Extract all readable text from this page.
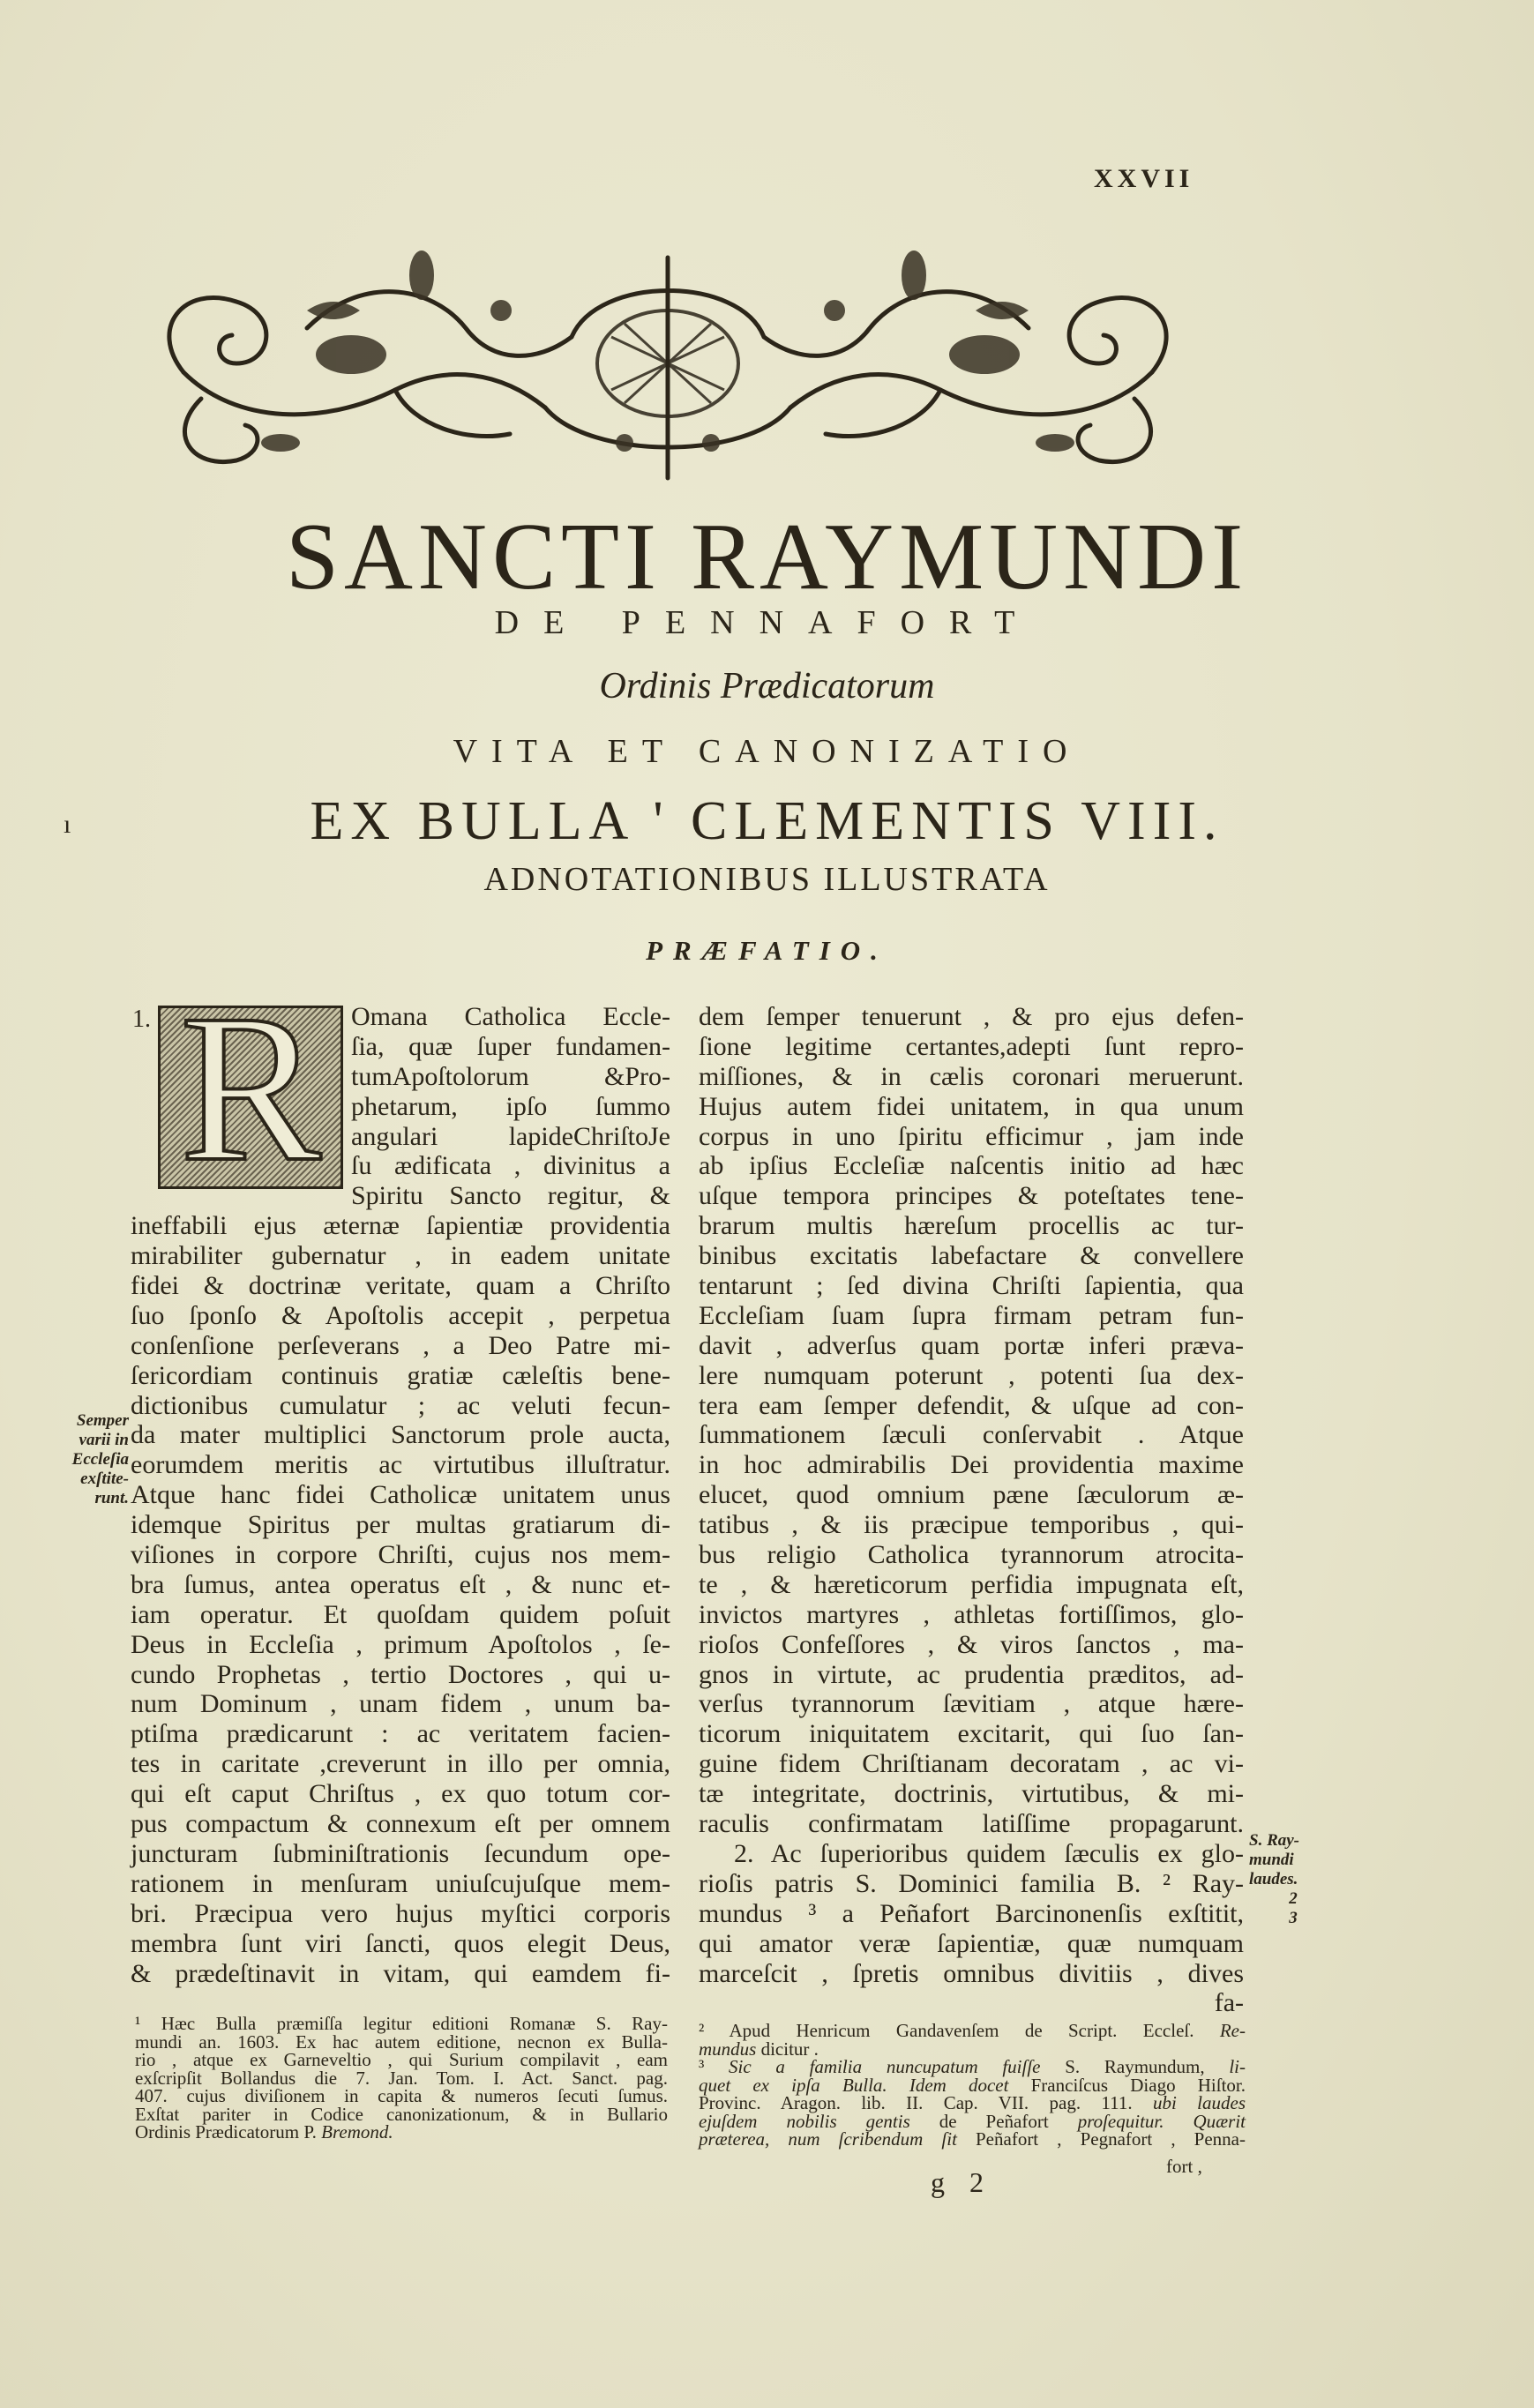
XXVII
SANCTI RAYMUNDI
DE PENNAFORT
Ordinis Prædicatorum
VITA ET CANONIZATIO
EX BULLA ' CLEMENTIS VIII.
ADNOTATIONIBUS ILLUSTRATA
PRÆFATIO.
ı
1. R Omana Catholica Eccle-
ſia, quæ ſuper fundamen-
tumApoſtolorum &Pro-
phetarum, ipſo ſummo
angulari lapideChriſtoJe
ſu ædificata , divinitus a
Spiritu Sancto regitur, &
ineffabili ejus æternæ ſapientiæ providentia
mirabiliter gubernatur , in eadem unitate
fidei & doctrinæ veritate, quam a Chriſto
ſuo ſponſo & Apoſtolis accepit , perpetua
conſenſione perſeverans , a Deo Patre mi-
ſericordiam continuis gratiæ cæleſtis bene-
dictionibus cumulatur ; ac veluti fecun-
da mater multiplici Sanctorum prole aucta,
eorumdem meritis ac virtutibus illuſtratur.
Atque hanc fidei Catholicæ unitatem unus
idemque Spiritus per multas gratiarum di-
viſiones in corpore Chriſti, cujus nos mem-
bra ſumus, antea operatus eſt , & nunc et-
iam operatur. Et quoſdam quidem poſuit
Deus in Eccleſia , primum Apoſtolos , ſe-
cundo Prophetas , tertio Doctores , qui u-
num Dominum , unam fidem , unum ba-
ptiſma prædicarunt : ac veritatem facien-
tes in caritate ,creverunt in illo per omnia,
qui eſt caput Chriſtus , ex quo totum cor-
pus compactum & connexum eſt per omnem
juncturam ſubminiſtrationis ſecundum ope-
rationem in menſuram uniuſcujuſque mem-
bri. Præcipua vero hujus myſtici corporis
membra ſunt viri ſancti, quos elegit Deus,
& prædeſtinavit in vitam, qui eamdem fi-
dem ſemper tenuerunt , & pro ejus defen-
ſione legitime certantes,adepti ſunt repro-
miſſiones, & in cælis coronari meruerunt.
Hujus autem fidei unitatem, in qua unum
corpus in uno ſpiritu efficimur , jam inde
ab ipſius Eccleſiæ naſcentis initio ad hæc
uſque tempora principes & poteſtates tene-
brarum multis hæreſum procellis ac tur-
binibus excitatis labefactare & convellere
tentarunt ; ſed divina Chriſti ſapientia, qua
Eccleſiam ſuam ſupra firmam petram fun-
davit , adverſus quam portæ inferi præva-
lere numquam poterunt , potenti ſua dex-
tera eam ſemper defendit, & uſque ad con-
ſummationem ſæculi conſervabit . Atque
in hoc admirabilis Dei providentia maxime
elucet, quod omnium pæne ſæculorum æ-
tatibus , & iis præcipue temporibus , qui-
bus religio Catholica tyrannorum atrocita-
te , & hæreticorum perfidia impugnata eſt,
invictos martyres , athletas fortiſſimos, glo-
rioſos Confeſſores , & viros ſanctos , ma-
gnos in virtute, ac prudentia præditos, ad-
verſus tyrannorum ſævitiam , atque hære-
ticorum iniquitatem excitarit, qui ſuo ſan-
guine fidem Chriſtianam decoratam , ac vi-
tæ integritate, doctrinis, virtutibus, & mi-
raculis confirmatam latiſſime propagarunt.
2. Ac ſuperioribus quidem ſæculis ex glo-
rioſis patris S. Dominici familia B. ² Ray-
mundus ³ a Peñafort Barcinonenſis exſtitit,
qui amator veræ ſapientiæ, quæ numquam
marceſcit , ſpretis omnibus divitiis , dives
fa-
Semper
varii in
Eccleſia
exſtite-
runt.
S. Ray-
mundi
laudes.
2
3
¹ Hæc Bulla præmiſſa legitur editioni Romanæ S. Ray-
mundi an. 1603. Ex hac autem editione, necnon ex Bulla-
rio , atque ex Garneveltio , qui Surium compilavit , eam
exſcripſit Bollandus die 7. Jan. Tom. I. Act. Sanct. pag.
407. cujus diviſionem in capita & numeros ſecuti ſumus.
Exſtat pariter in Codice canonizationum, & in Bullario
Ordinis Prædicatorum P. Bremond.
² Apud Henricum Gandavenſem de Script. Eccleſ. Re-
mundus dicitur .
³ Sic a familia nuncupatum fuiſſe S. Raymundum, li-
quet ex ipſa Bulla. Idem docet Franciſcus Diago Hiſtor.
Provinc. Aragon. lib. II. Cap. VII. pag. 111. ubi laudes
ejuſdem nobilis gentis de Peñafort proſequitur. Quærit
præterea, num ſcribendum ſit Peñafort , Pegnafort , Penna-
fort ,
g 2
